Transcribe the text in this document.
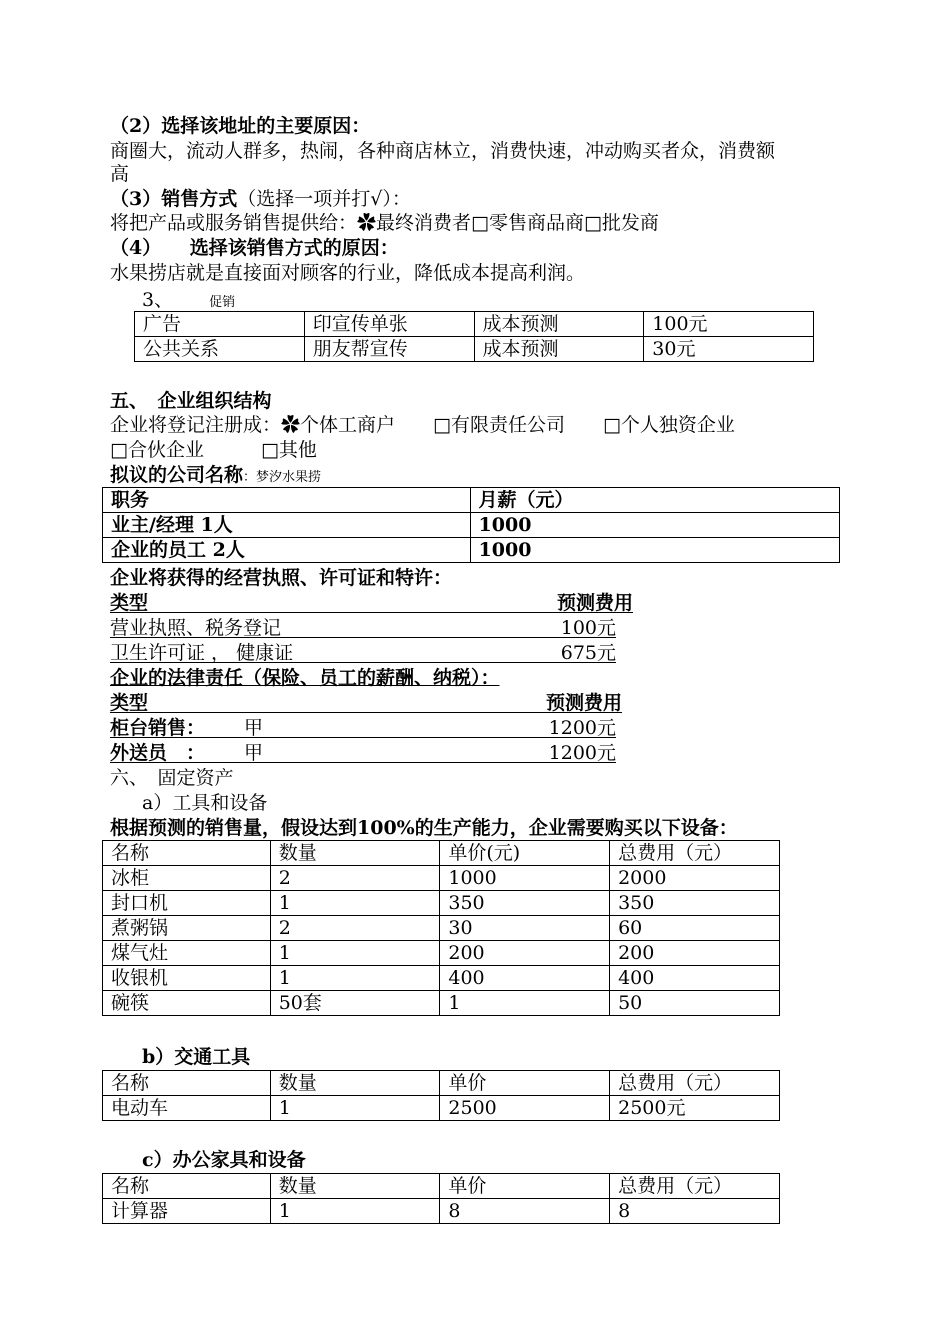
（2）选择该地址的主要原因：
商圈大，流动人群多，热闹，各种商店林立，消费快速，冲动购买者众，消费额
高
（3）销售方式（选择一项并打√）：
将把产品或服务销售提供给：✿最终消费者□零售商品商□批发商
（4）　　选择该销售方式的原因：
水果捞店就是直接面对顾客的行业，降低成本提高利润。
3、	促销
广告	印宣传单张	成本预测	100元
公共关系	朋友帮宣传	成本预测	30元
五、　企业组织结构
企业将登记注册成：✿个体工商户　　□有限责任公司　　□个人独资企业
□合伙企业　　　□其他
拟议的公司名称：梦汐水果捞
职务	月薪（元）
业主/经理 1人	1000
企业的员工 2人	1000
企业将获得的经营执照、许可证和特许：
类型	预测费用
营业执照、税务登记	100元
卫生许可证 ， 健康证	675元
企业的法律责任（保险、员工的薪酬、纳税）：
类型	预测费用
柜台销售： 甲	1200元
外送员　： 甲	1200元
六、　固定资产
a）工具和设备
根据预测的销售量，假设达到100%的生产能力，企业需要购买以下设备：
名称	数量	单价(元)	总费用（元）
冰柜	2	1000	2000
封口机	1	350	350
煮粥锅	2	30	60
煤气灶	1	200	200
收银机	1	400	400
碗筷	50套	1	50
b）交通工具
名称	数量	单价	总费用（元）
电动车	1	2500	2500元
c）办公家具和设备
名称	数量	单价	总费用（元）
计算器	1	8	8
